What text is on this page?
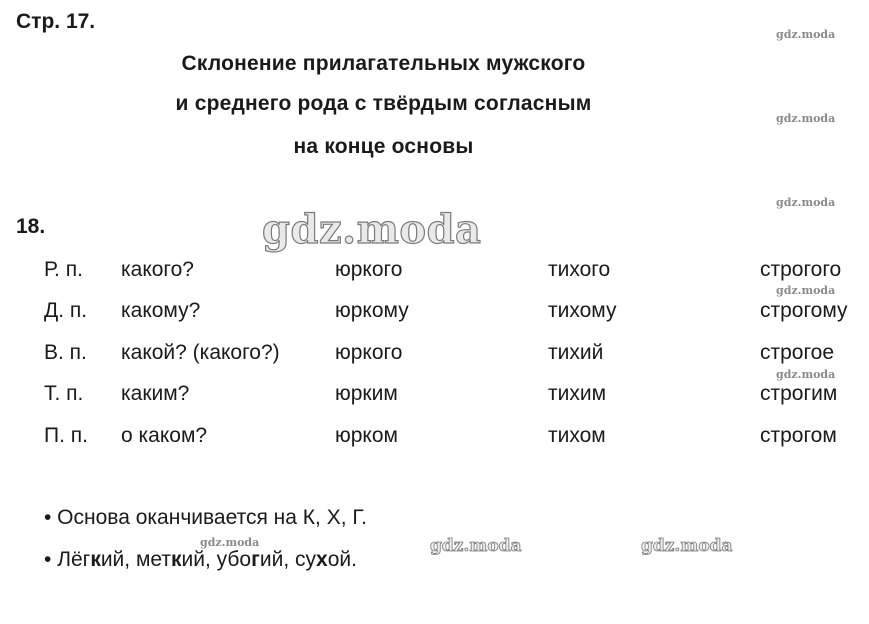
Стр. 17.
Склонение прилагательных мужского
и среднего рода с твёрдым согласным
на конце основы
18.	gdz.moda
Р. п. какого?	юркого	тихого	строгого
Д. п. какому?	юркому	тихому	строгому
В. п. какой? (какого?)	юркого	тихий	строгое
Т. п. каким?	юрким	тихим	строгим
П. п. о каком?	юрком	тихом	строгом
• Основа оканчивается на К, Х, Г.
• Лёгкий, меткий, убогий, сухой.
gdz.moda
gdz.moda
gdz.moda
gdz.moda
gdz.moda
gdz.moda	gdz.moda	gdz.moda
